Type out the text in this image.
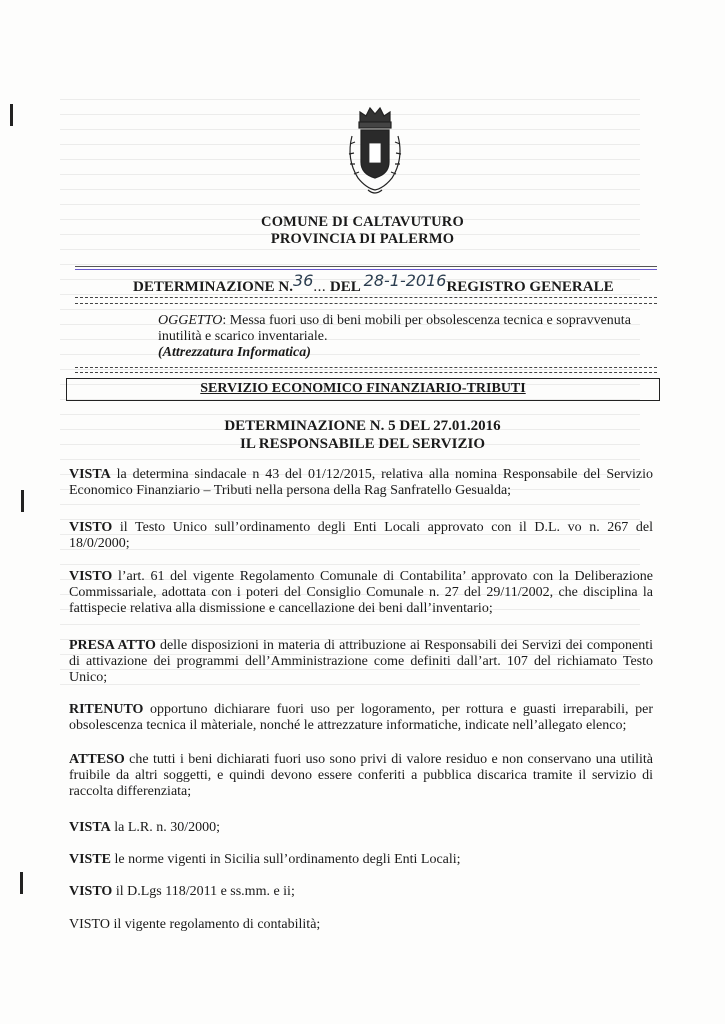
COMUNE DI CALTAVUTURO
PROVINCIA DI PALERMO
DETERMINAZIONE N.36... DEL 28-1-2016REGISTRO GENERALE
OGGETTO: Messa fuori uso di beni mobili per obsolescenza tecnica e sopravvenuta inutilità e scarico inventariale.
(Attrezzatura Informatica)
SERVIZIO ECONOMICO FINANZIARIO-TRIBUTI
DETERMINAZIONE N. 5 DEL 27.01.2016
IL RESPONSABILE DEL SERVIZIO
VISTA la determina sindacale n 43 del 01/12/2015, relativa alla nomina Responsabile del Servizio Economico Finanziario – Tributi nella persona della Rag Sanfratello Gesualda;
VISTO il Testo Unico sull’ordinamento degli Enti Locali approvato con il D.L. vo n. 267 del 18/0/2000;
VISTO l’art. 61 del vigente Regolamento Comunale di Contabilita’ approvato con la Deliberazione Commissariale, adottata con i poteri del Consiglio Comunale n. 27 del 29/11/2002, che disciplina la fattispecie relativa alla dismissione e cancellazione dei beni dall’inventario;
PRESA ATTO delle disposizioni in materia di attribuzione ai Responsabili dei Servizi dei componenti di attivazione dei programmi dell’Amministrazione come definiti dall’art. 107 del richiamato Testo Unico;
RITENUTO opportuno dichiarare fuori uso per logoramento, per rottura e guasti irreparabili, per obsolescenza tecnica il màteriale, nonché le attrezzature informatiche, indicate nell’allegato elenco;
ATTESO che tutti i beni dichiarati fuori uso sono privi di valore residuo e non conservano una utilità fruibile da altri soggetti, e quindi devono essere conferiti a pubblica discarica tramite il servizio di raccolta differenziata;
VISTA la L.R. n. 30/2000;
VISTE le norme vigenti in Sicilia sull’ordinamento degli Enti Locali;
VISTO il D.Lgs 118/2011 e ss.mm. e ii;
VISTO il vigente regolamento di contabilità;
